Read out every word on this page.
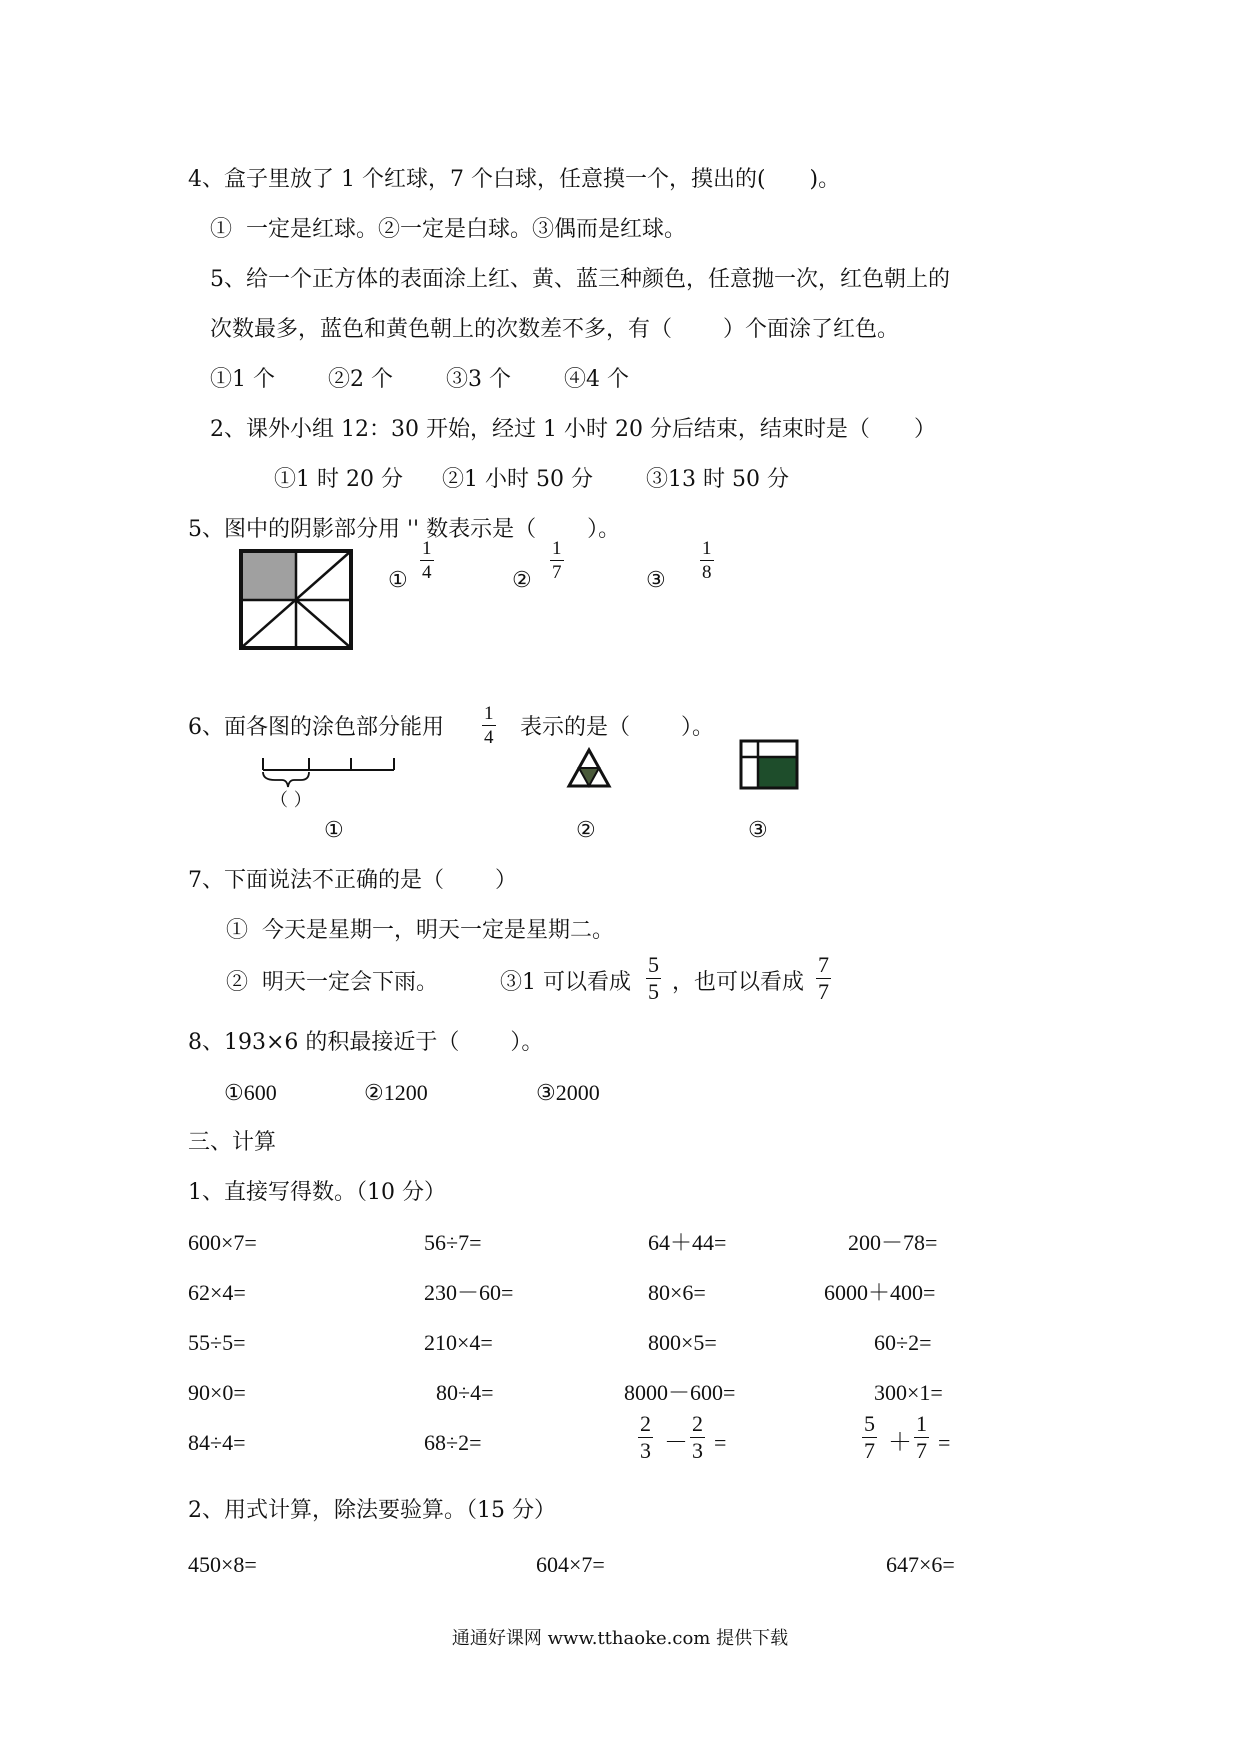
4、盒子里放了 1 个红球，7 个白球，任意摸一个，摸出的(　　)。
①  一定是红球。②一定是白球。③偶而是红球。
5、给一个正方体的表面涂上红、黄、蓝三种颜色，任意抛一次，红色朝上的
次数最多，蓝色和黄色朝上的次数差不多，有（　　 ）个面涂了红色。
①1 个 ②2 个 ③3 个 ④4 个
2、课外小组 12：30 开始，经过 1 小时 20 分后结束，结束时是（　　）
①1 时 20 分 ②1 小时 50 分 ③13 时 50 分
5、图中的阴影部分用 '' 数表示是（　　 ）。
① $\frac{1}{4}$	② $\frac{1}{7}$	③ $\frac{1}{8}$
6、面各图的涂色部分能用 $\frac{1}{4}$ 表示的是（　　 ）。
（ ）
①	②	③
7、下面说法不正确的是（　　 ）
①  今天是星期一，明天一定是星期二。
②  明天一定会下雨。	③1 可以看成 $\frac{5}{5}$ ，也可以看成 $\frac{7}{7}$
8、193×6 的积最接近于（　　 ）。
①600	②1200	③2000
三、计算
1、直接写得数。（10 分）
600×7=	56÷7=	64＋44=	200－78=
62×4=	230－60=	80×6=	6000＋400=
55÷5=	210×4=	800×5=	60÷2=
90×0=	80÷4=	8000－600=	300×1=
84÷4=	68÷2=	$\frac{2}{3} - \frac{2}{3}$ =	$\frac{5}{7} + \frac{1}{7}$ =
2、用式计算，除法要验算。（15 分）
450×8=	604×7=	647×6=
通通好课网 www.tthaoke.com 提供下载
